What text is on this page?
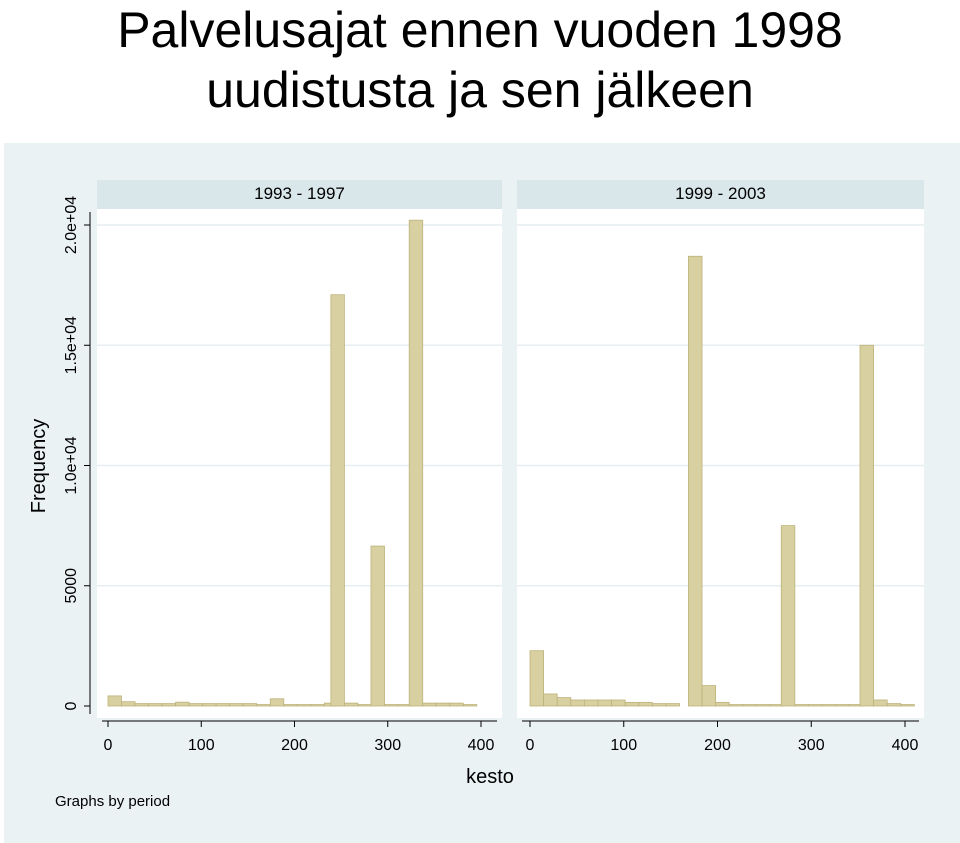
Palvelusajat ennen vuoden 1998
uudistusta ja sen jälkeen
0
5000
1.0e+04
1.5e+04
2.0e+04
Frequency
1993 - 1997
0	100	200	300	400
1999 - 2003
0	100	200	300	400
kesto
Graphs by period
